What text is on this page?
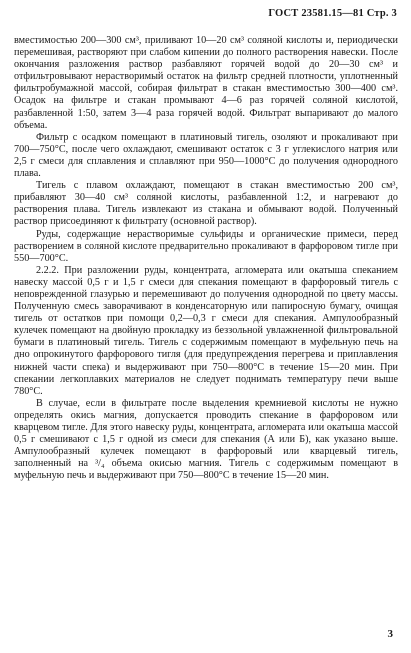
ГОСТ 23581.15—81 Стр. 3

вместимостью 200—300 см³, приливают 10—20 см³ соляной кислоты и, периодически перемешивая, растворяют при слабом кипении до полного растворения навески. После окончания разложения раствор разбавляют горячей водой до 20—30 см³ и отфильтровывают нерастворимый остаток на фильтр средней плотности, уплотненный фильтробумажной массой, собирая фильтрат в стакан вместимостью 300—400 см³. Осадок на фильтре и стакан промывают 4—6 раз горячей соляной кислотой, разбавленной 1:50, затем 3—4 раза горячей водой. Фильтрат выпаривают до малого объема.

Фильтр с осадком помещают в платиновый тигель, озоляют и прокаливают при 700—750°С, после чего охлаждают, смешивают остаток с 3 г углекислого натрия или 2,5 г смеси для сплавления и сплавляют при 950—1000°С до получения однородного плава.

Тигель с плавом охлаждают, помещают в стакан вместимостью 200 см³, прибавляют 30—40 см³ соляной кислоты, разбавленной 1:2, и нагревают до растворения плава. Тигель извлекают из стакана и обмывают водой. Полученный раствор присоединяют к фильтрату (основной раствор).

Руды, содержащие нерастворимые сульфиды и органические примеси, перед растворением в соляной кислоте предварительно прокаливают в фарфоровом тигле при 550—700°С.

2.2.2. При разложении руды, концентрата, агломерата или окатыша спеканием навеску массой 0,5 г и 1,5 г смеси для спекания помещают в фарфоровый тигель с неповрежденной глазурью и перемешивают до получения однородной по цвету массы. Полученную смесь заворачивают в конденсаторную или папиросную бумагу, очищая тигель от остатков при помощи 0,2—0,3 г смеси для спекания. Ампулообразный кулечек помещают на двойную прокладку из беззольной увлажненной фильтровальной бумаги в платиновый тигель. Тигель с содержимым помещают в муфельную печь на дно опрокинутого фарфорового тигля (для предупреждения перегрева и приплавления нижней части спека) и выдерживают при 750—800°С в течение 15—20 мин. При спекании легкоплавких материалов не следует поднимать температуру печи выше 780°С.

В случае, если в фильтрате после выделения кремниевой кислоты не нужно определять окись магния, допускается проводить спекание в фарфоровом или кварцевом тигле. Для этого навеску руды, концентрата, агломерата или окатыша массой 0,5 г смешивают с 1,5 г одной из смеси для спекания (А или Б), как указано выше. Ампулообразный кулечек помещают в фарфоровый или кварцевый тигель, заполненный на ³/₄ объема окисью магния. Тигель с содержимым помещают в муфельную печь и выдерживают при 750—800°С в течение 15—20 мин.

3
